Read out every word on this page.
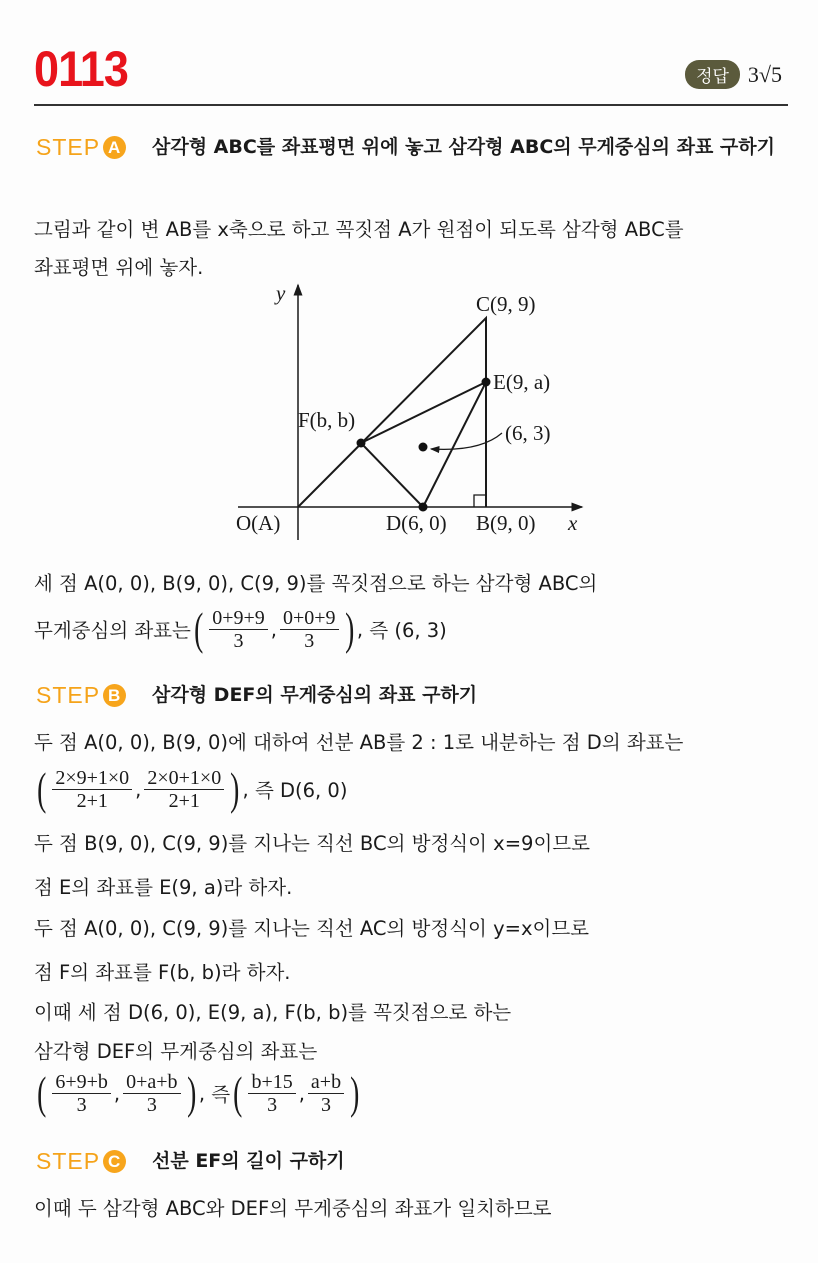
0113	정답 3√5
STEP A 삼각형 ABC를 좌표평면 위에 놓고 삼각형 ABC의 무게중심의 좌표 구하기
그림과 같이 변 AB를 x축으로 하고 꼭짓점 A가 원점이 되도록 삼각형 ABC를
좌표평면 위에 놓자.
y
x
O(A)
C(9, 9)
E(9, a)
F(b, b)
(6, 3)
D(6, 0) B(9, 0)
세 점 A(0, 0), B(9, 0), C(9, 9)를 꼭짓점으로 하는 삼각형 ABC의
무게중심의 좌표는 ( $\frac{0+9+9}{3}$ , $\frac{0+0+9}{3}$ ) , 즉 (6, 3)
STEP B 삼각형 DEF의 무게중심의 좌표 구하기
두 점 A(0, 0), B(9, 0)에 대하여 선분 AB를 2 : 1로 내분하는 점 D의 좌표는
( $\frac{2\times 9+1\times 0}{2+1}$ , $\frac{2\times 0+1\times 0}{2+1}$ ) , 즉 D(6, 0)
두 점 B(9, 0), C(9, 9)를 지나는 직선 BC의 방정식이 x=9이므로
점 E의 좌표를 E(9, a)라 하자.
두 점 A(0, 0), C(9, 9)를 지나는 직선 AC의 방정식이 y=x이므로
점 F의 좌표를 F(b, b)라 하자.
이때 세 점 D(6, 0), E(9, a), F(b, b)를 꼭짓점으로 하는
삼각형 DEF의 무게중심의 좌표는
( $\frac{6+9+b}{3}$ , $\frac{0+a+b}{3}$ ) , 즉 ( $\frac{b+15}{3}$ , $\frac{a+b}{3}$ )
STEP C 선분 EF의 길이 구하기
이때 두 삼각형 ABC와 DEF의 무게중심의 좌표가 일치하므로
